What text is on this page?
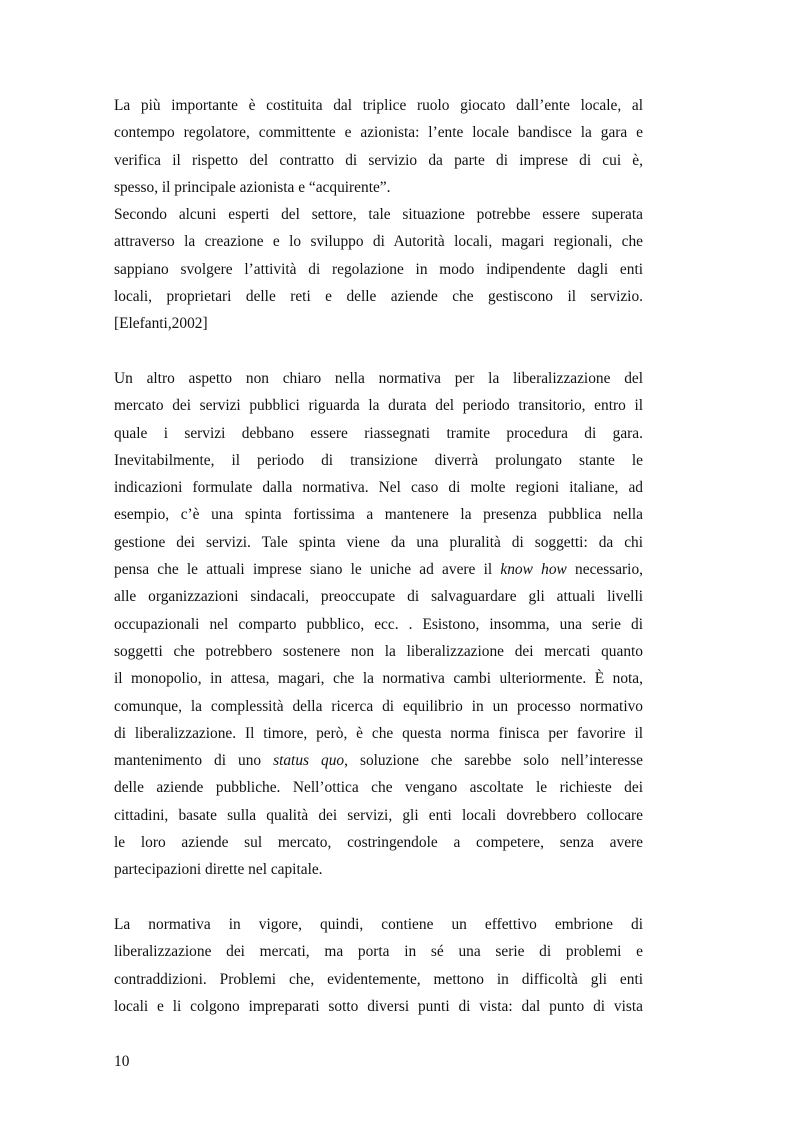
La più importante è costituita dal triplice ruolo giocato dall’ente locale, al
contempo regolatore, committente e azionista: l’ente locale bandisce la gara e
verifica il rispetto del contratto di servizio da parte di imprese di cui è,
spesso, il principale azionista e “acquirente”.

Secondo alcuni esperti del settore, tale situazione potrebbe essere superata
attraverso la creazione e lo sviluppo di Autorità locali, magari regionali, che
sappiano svolgere l’attività di regolazione in modo indipendente dagli enti
locali, proprietari delle reti e delle aziende che gestiscono il servizio.
[Elefanti,2002]

Un altro aspetto non chiaro nella normativa per la liberalizzazione del
mercato dei servizi pubblici riguarda la durata del periodo transitorio, entro il
quale i servizi debbano essere riassegnati tramite procedura di gara.
Inevitabilmente, il periodo di transizione diverrà prolungato stante le
indicazioni formulate dalla normativa. Nel caso di molte regioni italiane, ad
esempio, c’è una spinta fortissima a mantenere la presenza pubblica nella
gestione dei servizi. Tale spinta viene da una pluralità di soggetti: da chi
pensa che le attuali imprese siano le uniche ad avere il know how necessario,
alle organizzazioni sindacali, preoccupate di salvaguardare gli attuali livelli
occupazionali nel comparto pubblico, ecc. . Esistono, insomma, una serie di
soggetti che potrebbero sostenere non la liberalizzazione dei mercati quanto
il monopolio, in attesa, magari, che la normativa cambi ulteriormente. È nota,
comunque, la complessità della ricerca di equilibrio in un processo normativo
di liberalizzazione. Il timore, però, è che questa norma finisca per favorire il
mantenimento di uno status quo, soluzione che sarebbe solo nell’interesse
delle aziende pubbliche. Nell’ottica che vengano ascoltate le richieste dei
cittadini, basate sulla qualità dei servizi, gli enti locali dovrebbero collocare
le loro aziende sul mercato, costringendole a competere, senza avere
partecipazioni dirette nel capitale.

La normativa in vigore, quindi, contiene un effettivo embrione di
liberalizzazione dei mercati, ma porta in sé una serie di problemi e
contraddizioni. Problemi che, evidentemente, mettono in difficoltà gli enti
locali e li colgono impreparati sotto diversi punti di vista: dal punto di vista

10
